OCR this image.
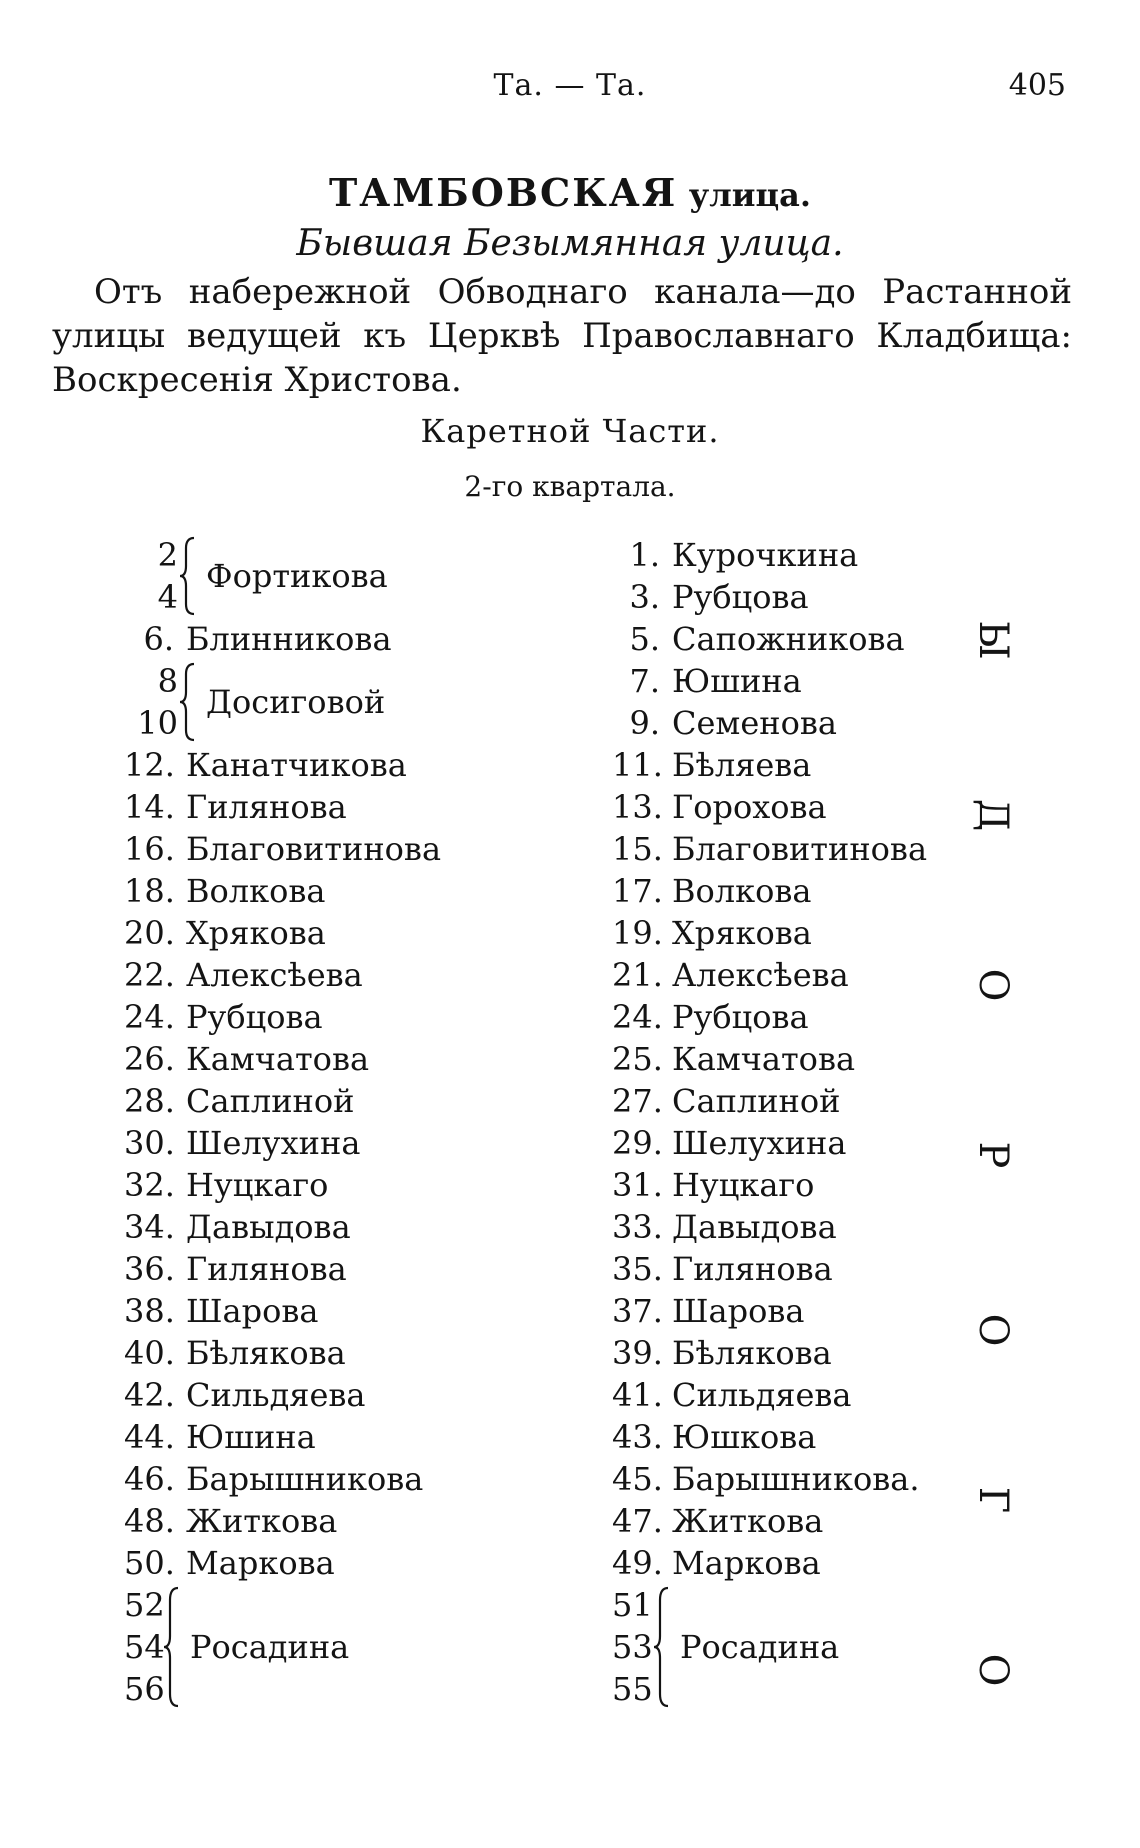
Та. — Та.	405
ТАМБОВСКАЯ улица.
Бывшая Безымянная улица.
Отъ набережной Обводнаго канала—до Растанной улицы ведущей къ Церквѣ Православнаго Кладбища: Воскресенія Христова.
Каретной Части.
2-го квартала.
2
4
Фортикова
6. Блинникова
8
10
Досиговой
12. Канатчикова
14. Гилянова
16. Благовитинова
18. Волкова
20. Хрякова
22. Алексѣева
24. Рубцова
26. Камчатова
28. Саплиной
30. Шелухина
32. Нуцкаго
34. Давыдова
36. Гилянова
38. Шарова
40. Бѣлякова
42. Сильдяева
44. Юшина
46. Барышникова
48. Житкова
50. Маркова
52
54
56
Росадина
1. Курочкина
3. Рубцова
5. Сапожникова
7. Юшина
9. Семенова
11. Бѣляева
13. Горохова
15. Благовитинова
17. Волкова
19. Хрякова
21. Алексѣева
24. Рубцова
25. Камчатова
27. Саплиной
29. Шелухина
31. Нуцкаго
33. Давыдова
35. Гилянова
37. Шарова
39. Бѣлякова
41. Сильдяева
43. Юшкова
45. Барышникова.
47. Житкова
49. Маркова
51
53
55
Росадина
Ы
Д
О
Р
О
Г
О
